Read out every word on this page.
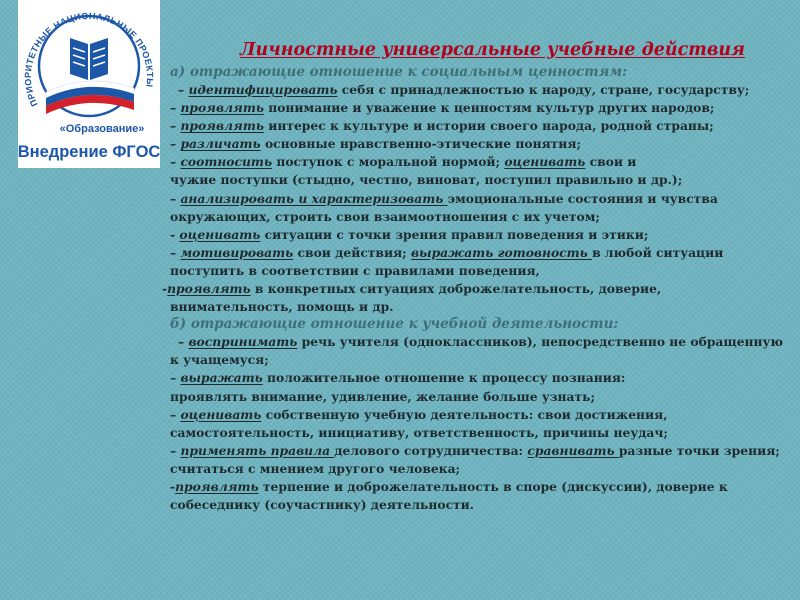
ПРИОРИТЕТНЫЕ НАЦИОНАЛЬНЫЕ ПРОЕКТЫ
«Образование»
Внедрение ФГОС
Личностные универсальные учебные действия
а) отражающие отношение к социальным ценностям:
– идентифицировать себя с принадлежностью к народу, стране, государству;
– проявлять понимание и уважение к ценностям культур других народов;
– проявлять интерес к культуре и истории своего народа, родной страны;
– различать основные нравственно-этические понятия;
– соотносить поступок с моральной нормой; оценивать свои и
чужие поступки (стыдно, честно, виноват, поступил правильно и др.);
– анализировать и характеризовать эмоциональные состояния и чувства
окружающих, строить свои взаимоотношения с их учетом;
- оценивать ситуации с точки зрения правил поведения и этики;
– мотивировать свои действия; выражать готовность в любой ситуации
поступить в соответствии с правилами поведения,
-проявлять в конкретных ситуациях доброжелательность, доверие,
внимательность, помощь и др.
б) отражающие отношение к учебной деятельности:
– воспринимать речь учителя (одноклассников), непосредственно не обращенную
к учащемуся;
– выражать положительное отношение к процессу познания:
проявлять внимание, удивление, желание больше узнать;
– оценивать собственную учебную деятельность: свои достижения,
самостоятельность, инициативу, ответственность, причины неудач;
– применять правила делового сотрудничества: сравнивать разные точки зрения;
считаться с мнением другого человека;
-проявлять терпение и доброжелательность в споре (дискуссии), доверие к
собеседнику (соучастнику) деятельности.
